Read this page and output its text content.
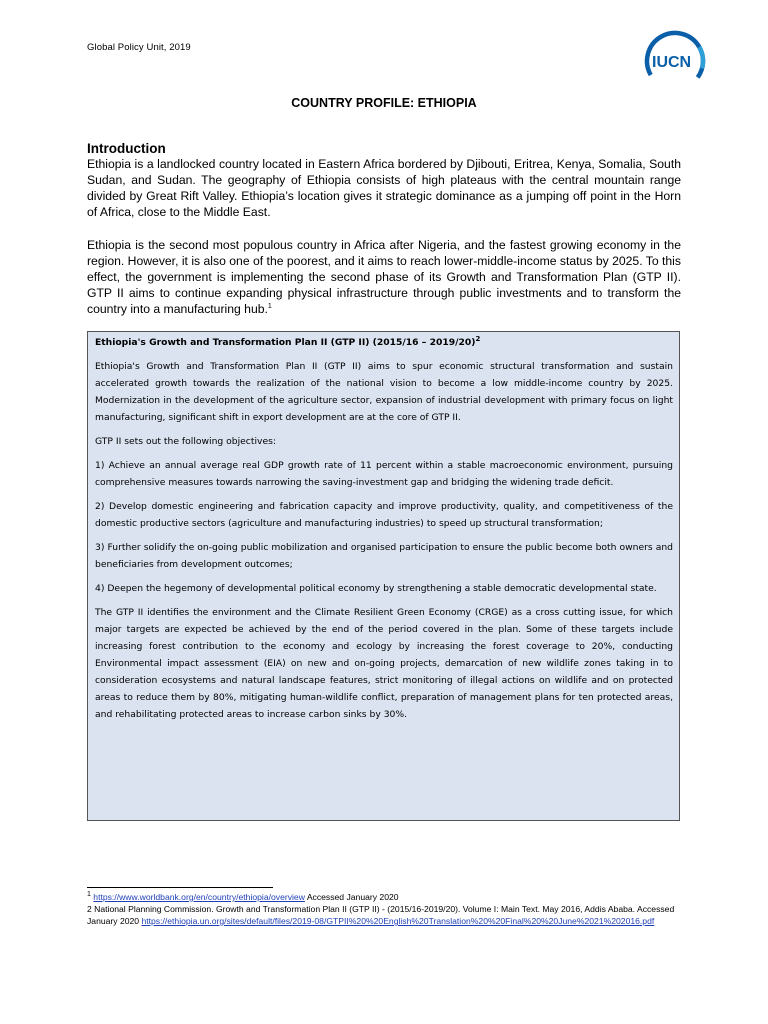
Global Policy Unit, 2019
IUCN
COUNTRY PROFILE: ETHIOPIA
Introduction
Ethiopia is a landlocked country located in Eastern Africa bordered by Djibouti, Eritrea, Kenya, Somalia, South Sudan, and Sudan. The geography of Ethiopia consists of high plateaus with the central mountain range divided by Great Rift Valley. Ethiopia’s location gives it strategic dominance as a jumping off point in the Horn of Africa, close to the Middle East.
Ethiopia is the second most populous country in Africa after Nigeria, and the fastest growing economy in the region. However, it is also one of the poorest, and it aims to reach lower-middle-income status by 2025. To this effect, the government is implementing the second phase of its Growth and Transformation Plan (GTP II). GTP II aims to continue expanding physical infrastructure through public investments and to transform the country into a manufacturing hub.$^1$
Ethiopia's Growth and Transformation Plan II (GTP II) (2015/16 – 2019/20)$^2$

Ethiopia's Growth and Transformation Plan II (GTP II) aims to spur economic structural transformation and sustain accelerated growth towards the realization of the national vision to become a low middle-income country by 2025. Modernization in the development of the agriculture sector, expansion of industrial development with primary focus on light manufacturing, significant shift in export development are at the core of GTP II.

GTP II sets out the following objectives:

1) Achieve an annual average real GDP growth rate of 11 percent within a stable macroeconomic environment, pursuing comprehensive measures towards narrowing the saving-investment gap and bridging the widening trade deficit.

2) Develop domestic engineering and fabrication capacity and improve productivity, quality, and competitiveness of the domestic productive sectors (agriculture and manufacturing industries) to speed up structural transformation;

3) Further solidify the on-going public mobilization and organised participation to ensure the public become both owners and beneficiaries from development outcomes;

4) Deepen the hegemony of developmental political economy by strengthening a stable democratic developmental state.

The GTP II identifies the environment and the Climate Resilient Green Economy (CRGE) as a cross cutting issue, for which major targets are expected be achieved by the end of the period covered in the plan. Some of these targets include increasing forest contribution to the economy and ecology by increasing the forest coverage to 20%, conducting Environmental impact assessment (EIA) on new and on-going projects, demarcation of new wildlife zones taking in to consideration ecosystems and natural landscape features, strict monitoring of illegal actions on wildlife and on protected areas to reduce them by 80%, mitigating human-wildlife conflict, preparation of management plans for ten protected areas, and rehabilitating protected areas to increase carbon sinks by 30%.

$^1$ https://www.worldbank.org/en/country/ethiopia/overview Accessed January 2020

2 National Planning Commission. Growth and Transformation Plan II (GTP II) - (2015/16-2019/20). Volume I: Main Text. May 2016, Addis Ababa. Accessed January 2020 https://ethiopia.un.org/sites/default/files/2019-08/GTPII%20%20English%20Translation%20%20Final%20%20June%2021%202016.pdf
